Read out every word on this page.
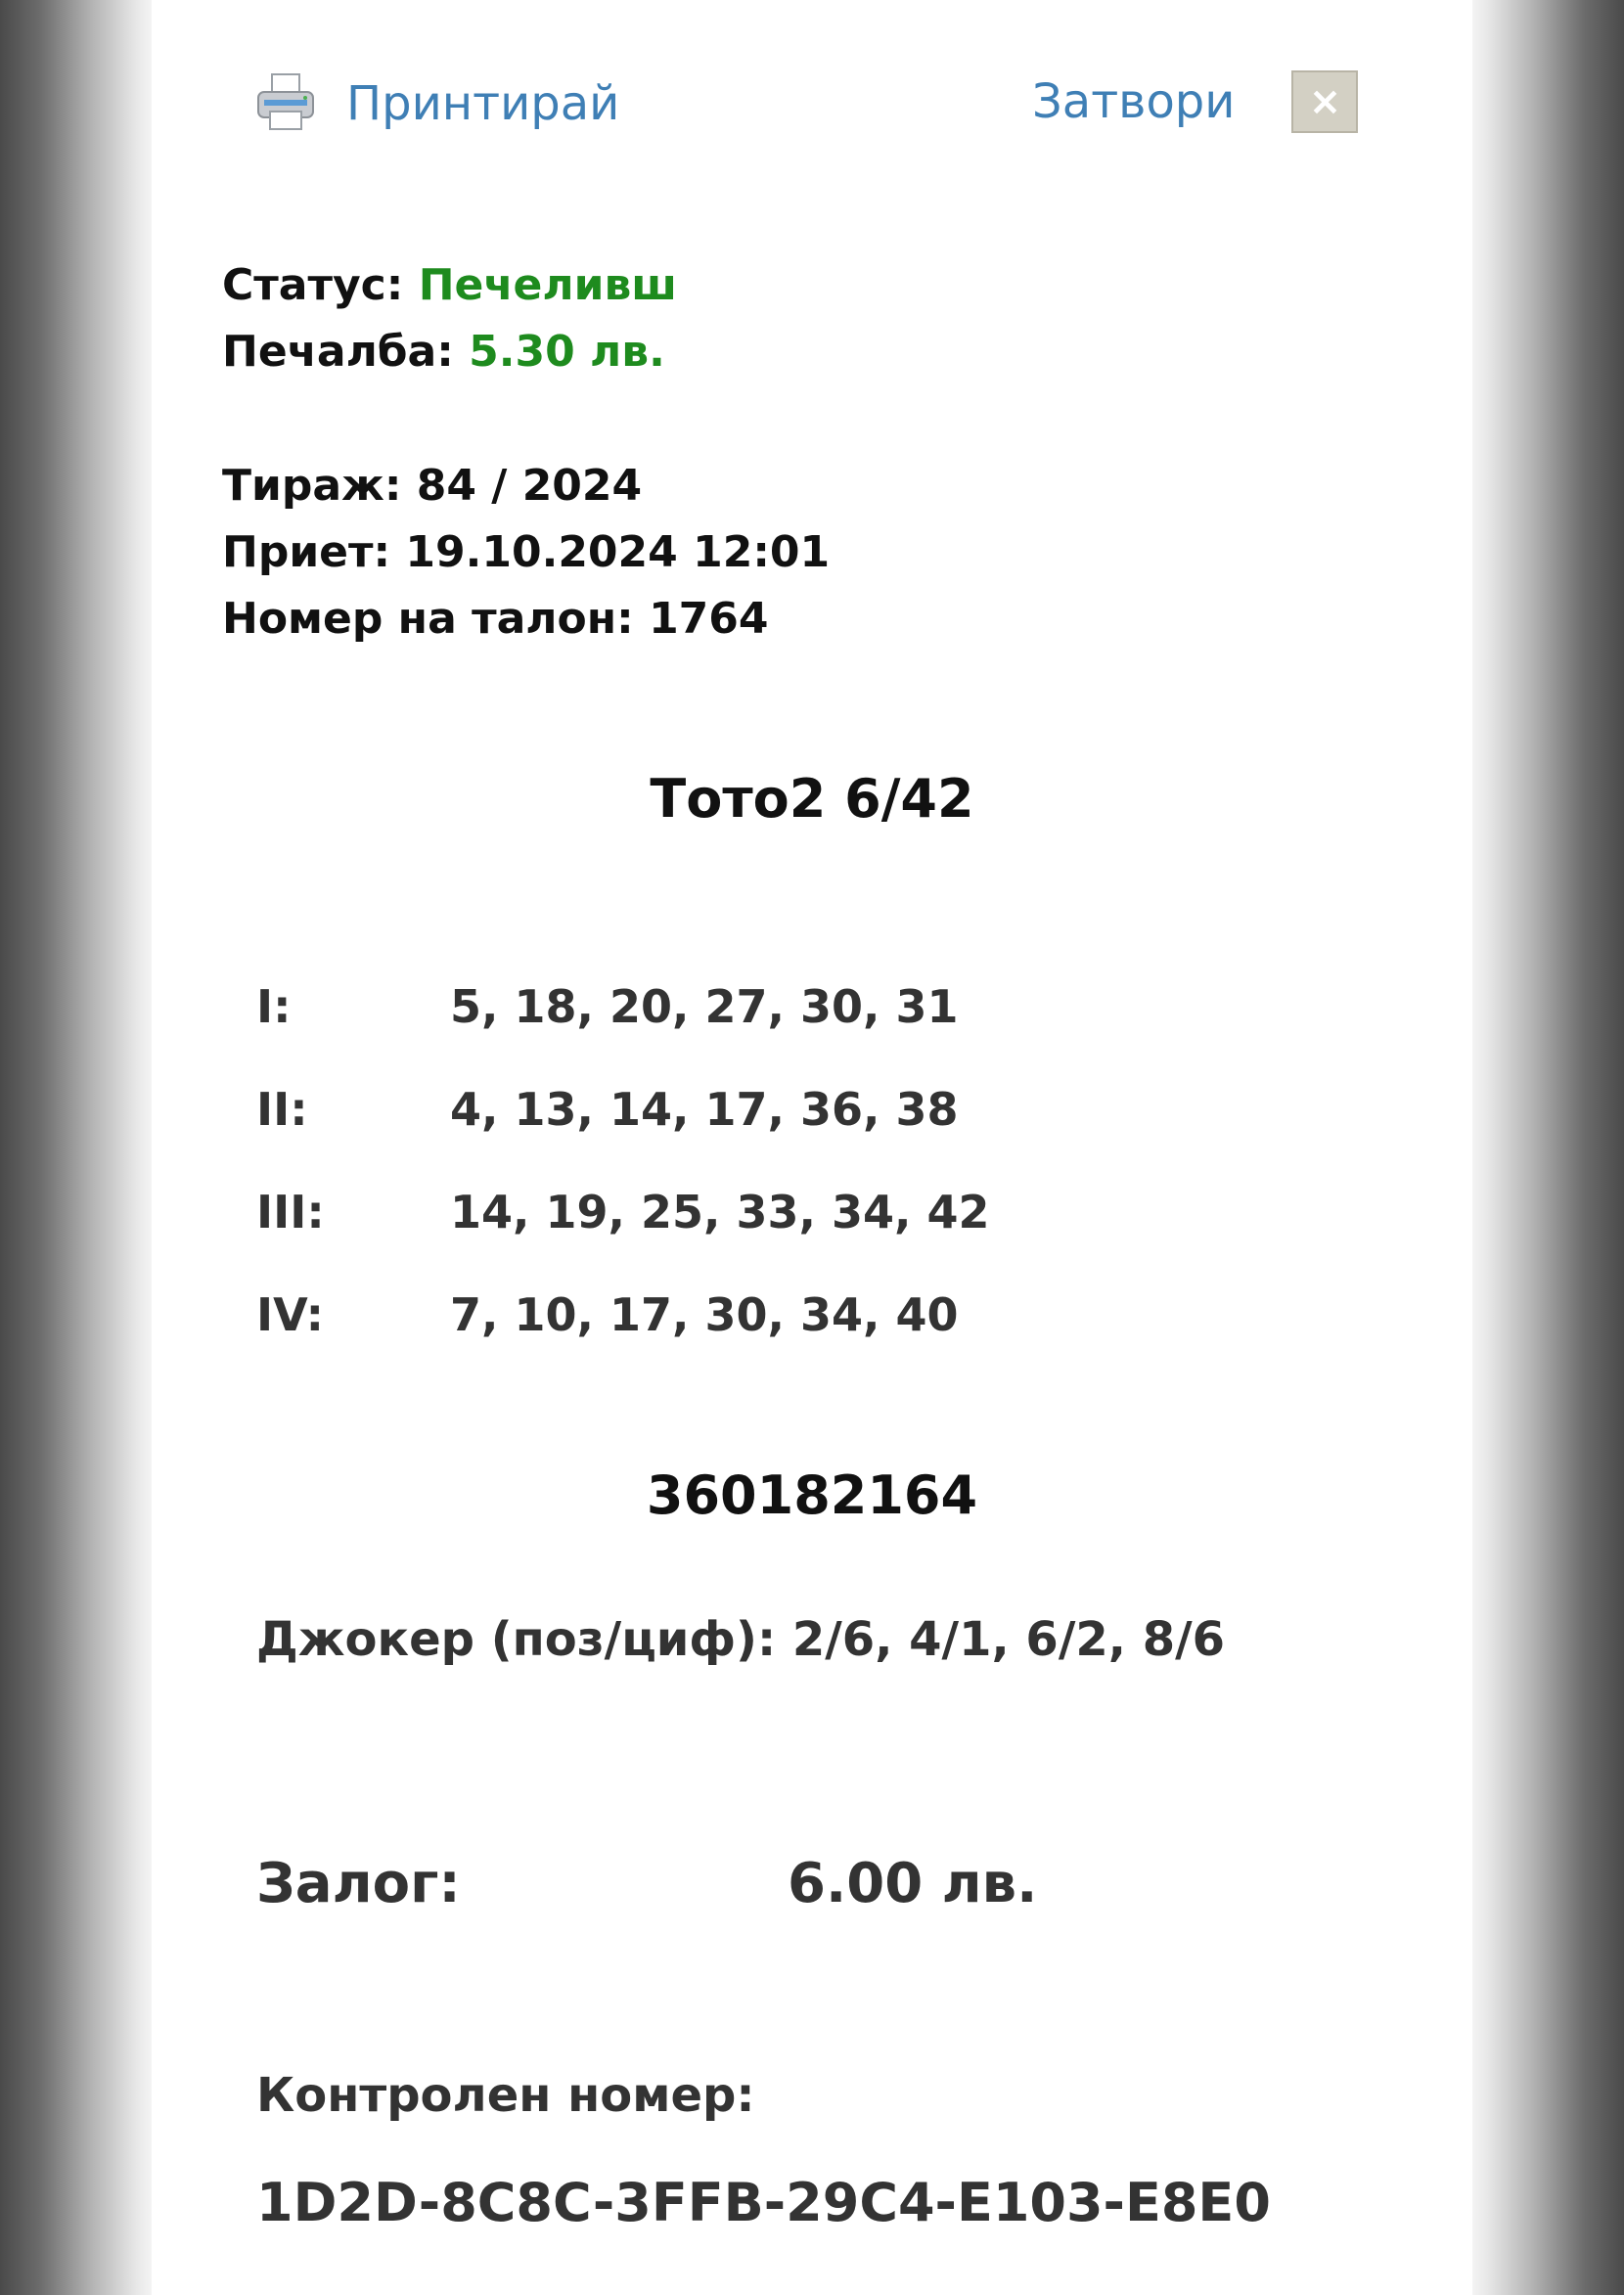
Принтирай	Затвори	×
Статус: Печеливш
Печалба: 5.30 лв.
Тираж: 84 / 2024
Приет: 19.10.2024 12:01
Номер на талон: 1764
Тото2 6/42
I:	5, 18, 20, 27, 30, 31
II:	4, 13, 14, 17, 36, 38
III:	14, 19, 25, 33, 34, 42
IV:	7, 10, 17, 30, 34, 40
360182164
Джокер (поз/циф): 2/6, 4/1, 6/2, 8/6
Залог:	6.00 лв.
Контролен номер:
1D2D-8C8C-3FFB-29C4-E103-E8E0
